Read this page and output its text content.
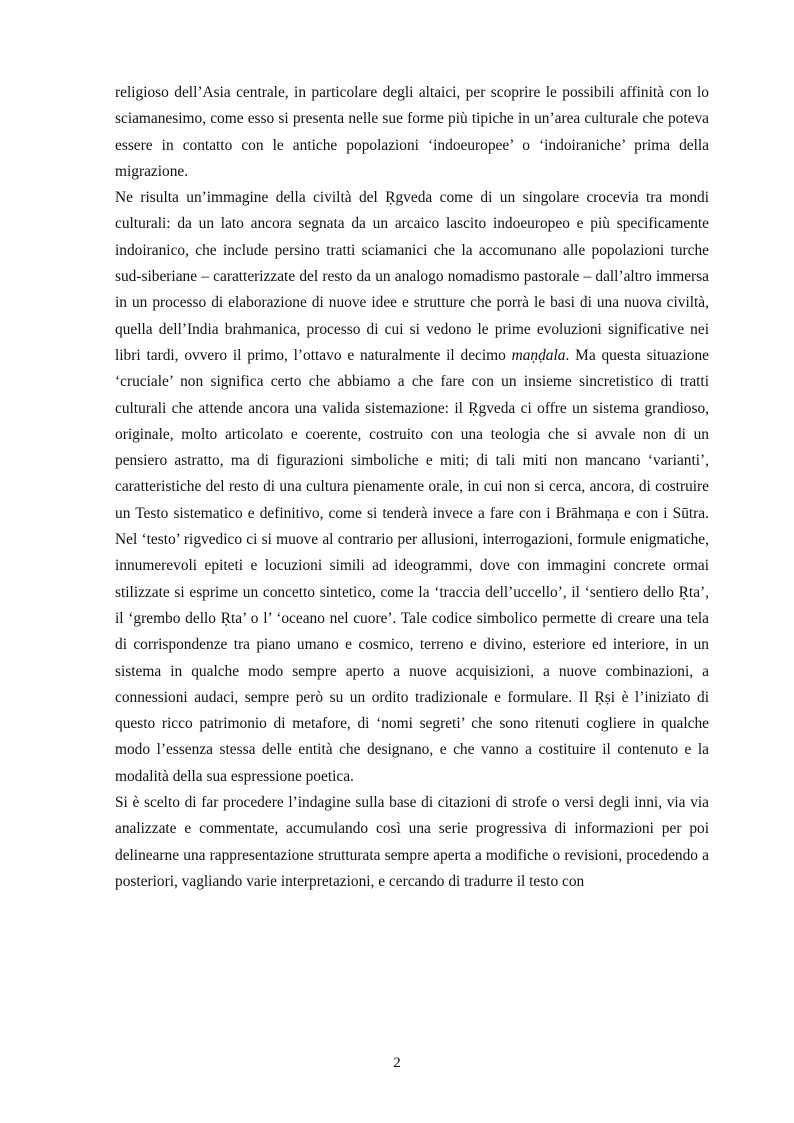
religioso dell’Asia centrale, in particolare degli altaici, per scoprire le possibili affinità con lo sciamanesimo, come esso si presenta nelle sue forme più tipiche in un’area culturale che poteva essere in contatto con le antiche popolazioni ‘indoeuropee’ o ‘indoiraniche’ prima della migrazione.

Ne risulta un’immagine della civiltà del Ṛgveda come di un singolare crocevia tra mondi culturali: da un lato ancora segnata da un arcaico lascito indoeuropeo e più specificamente indoiranico, che include persino tratti sciamanici che la accomunano alle popolazioni turche sud-siberiane – caratterizzate del resto da un analogo nomadismo pastorale – dall’altro immersa in un processo di elaborazione di nuove idee e strutture che porrà le basi di una nuova civiltà, quella dell’India brahmanica, processo di cui si vedono le prime evoluzioni significative nei libri tardi, ovvero il primo, l’ottavo e naturalmente il decimo maṇḍala. Ma questa situazione ‘cruciale’ non significa certo che abbiamo a che fare con un insieme sincretistico di tratti culturali che attende ancora una valida sistemazione: il Ṛgveda ci offre un sistema grandioso, originale, molto articolato e coerente, costruito con una teologia che si avvale non di un pensiero astratto, ma di figurazioni simboliche e miti; di tali miti non mancano ‘varianti’, caratteristiche del resto di una cultura pienamente orale, in cui non si cerca, ancora, di costruire un Testo sistematico e definitivo, come si tenderà invece a fare con i Brāhmaṇa e con i Sūtra. Nel ‘testo’ rigvedico ci si muove al contrario per allusioni, interrogazioni, formule enigmatiche, innumerevoli epiteti e locuzioni simili ad ideogrammi, dove con immagini concrete ormai stilizzate si esprime un concetto sintetico, come la ‘traccia dell’uccello’, il ‘sentiero dello Ṛta’, il ‘grembo dello Ṛta’ o l’ ‘oceano nel cuore’. Tale codice simbolico permette di creare una tela di corrispondenze tra piano umano e cosmico, terreno e divino, esteriore ed interiore, in un sistema in qualche modo sempre aperto a nuove acquisizioni, a nuove combinazioni, a connessioni audaci, sempre però su un ordito tradizionale e formulare. Il Ṛṣi è l’iniziato di questo ricco patrimonio di metafore, di ‘nomi segreti’ che sono ritenuti cogliere in qualche modo l’essenza stessa delle entità che designano, e che vanno a costituire il contenuto e la modalità della sua espressione poetica.

Si è scelto di far procedere l’indagine sulla base di citazioni di strofe o versi degli inni, via via analizzate e commentate, accumulando così una serie progressiva di informazioni per poi delinearne una rappresentazione strutturata sempre aperta a modifiche o revisioni, procedendo a posteriori, vagliando varie interpretazioni, e cercando di tradurre il testo con

2
